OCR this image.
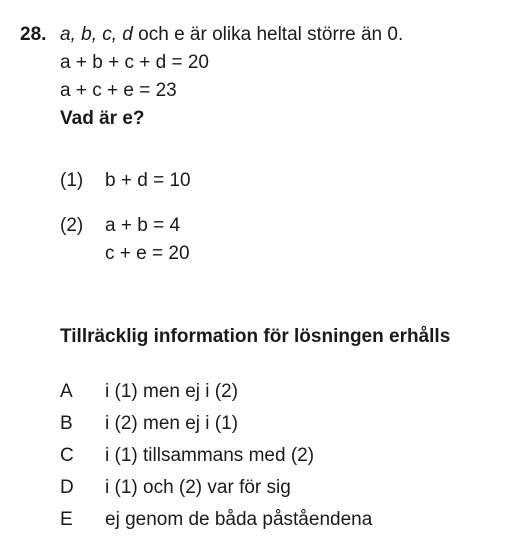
28. a, b, c, d och e är olika heltal större än 0.
a + b + c + d = 20
a + c + e = 23
Vad är e?
(1) b + d = 10
(2) a + b = 4
c + e = 20
Tillräcklig information för lösningen erhålls
A i (1) men ej i (2)
B i (2) men ej i (1)
C i (1) tillsammans med (2)
D i (1) och (2) var för sig
E ej genom de båda påståendena
